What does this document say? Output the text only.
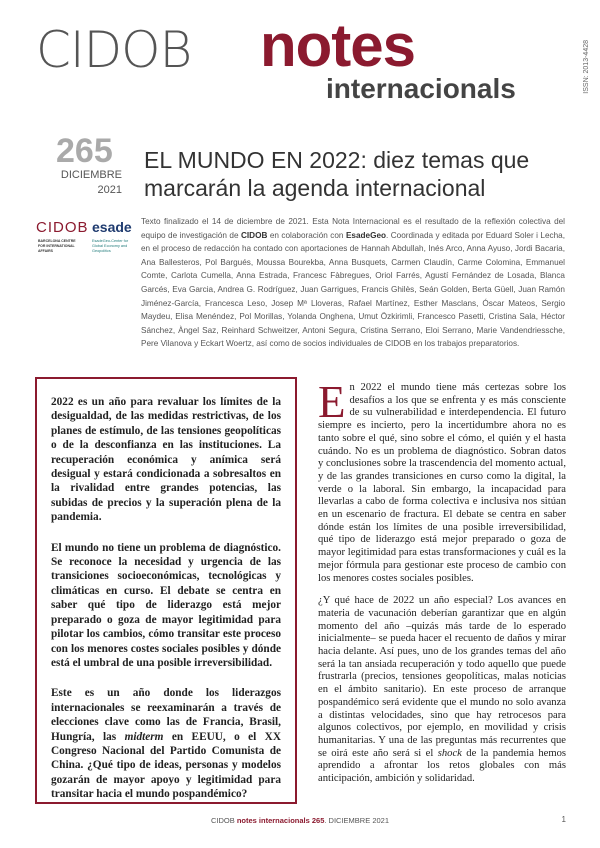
CIDOB notes
internacionals	ISSN: 2013-4428
265
DICIEMBRE
2021
EL MUNDO EN 2022: diez temas que marcarán la agenda internacional
CIDOB
BARCELONA CENTRE FOR INTERNATIONAL AFFAIRS
esade
EsadeGeo-Center for Global Economy and Geopolitics
Texto finalizado el 14 de diciembre de 2021. Esta Nota Internacional es el resultado de la reflexión colectiva del equipo de investigación de CIDOB en colaboración con EsadeGeo. Coordinada y editada por Eduard Soler i Lecha, en el proceso de redacción ha contado con aportaciones de Hannah Abdullah, Inés Arco, Anna Ayuso, Jordi Bacaria, Ana Ballesteros, Pol Bargués, Moussa Bourekba, Anna Busquets, Carmen Claudín, Carme Colomina, Emmanuel Comte, Carlota Cumella, Anna Estrada, Francesc Fàbregues, Oriol Farrés, Agustí Fernández de Losada, Blanca Garcés, Eva Garcia, Andrea G. Rodríguez, Juan Garrigues, Francis Ghilès, Seán Golden, Berta Güell, Juan Ramón Jiménez-García, Francesca Leso, Josep Mª Lloveras, Rafael Martínez, Esther Masclans, Óscar Mateos, Sergio Maydeu, Elisa Menéndez, Pol Morillas, Yolanda Onghena, Umut Özkirimli, Francesco Pasetti, Cristina Sala, Héctor Sánchez, Àngel Saz, Reinhard Schweitzer, Antoni Segura, Cristina Serrano, Eloi Serrano, Marie Vandendriessche, Pere Vilanova y Eckart Woertz, así como de socios individuales de CIDOB en los trabajos preparatorios.

2022 es un año para revaluar los límites de la desigualdad, de las medidas restrictivas, de los planes de estímulo, de las tensiones geopolíticas o de la desconfianza en las instituciones. La recuperación económica y anímica será desigual y estará condicionada a sobresaltos en la rivalidad entre grandes potencias, las subidas de precios y la superación plena de la pandemia.

El mundo no tiene un problema de diagnóstico. Se reconoce la necesidad y urgencia de las transiciones socioeconómicas, tecnológicas y climáticas en curso. El debate se centra en saber qué tipo de liderazgo está mejor preparado o goza de mayor legitimidad para pilotar los cambios, cómo transitar este proceso con los menores costes sociales posibles y dónde está el umbral de una posible irreversibilidad.

Este es un año donde los liderazgos internacionales se reexaminarán a través de elecciones clave como las de Francia, Brasil, Hungría, las midterm en EEUU, o el XX Congreso Nacional del Partido Comunista de China. ¿Qué tipo de ideas, personas y modelos gozarán de mayor apoyo y legitimidad para transitar hacia el mundo pospandémico?

En 2022 el mundo tiene más certezas sobre los desafíos a los que se enfrenta y es más consciente de su vulnerabilidad e interdependencia. El futuro siempre es incierto, pero la incertidumbre ahora no es tanto sobre el qué, sino sobre el cómo, el quién y el hasta cuándo. No es un problema de diagnóstico. Sobran datos y conclusiones sobre la trascendencia del momento actual, y de las grandes transiciones en curso como la digital, la verde o la laboral. Sin embargo, la incapacidad para llevarlas a cabo de forma colectiva e inclusiva nos sitúan en un escenario de fractura. El debate se centra en saber dónde están los límites de una posible irreversibilidad, qué tipo de liderazgo está mejor preparado o goza de mayor legitimidad para estas transformaciones y cuál es la mejor fórmula para gestionar este proceso de cambio con los menores costes sociales posibles.

¿Y qué hace de 2022 un año especial? Los avances en materia de vacunación deberían garantizar que en algún momento del año –quizás más tarde de lo esperado inicialmente– se pueda hacer el recuento de daños y mirar hacia delante. Así pues, uno de los grandes temas del año será la tan ansiada recuperación y todo aquello que puede frustrarla (precios, tensiones geopolíticas, malas noticias en el ámbito sanitario). En este proceso de arranque pospandémico será evidente que el mundo no solo avanza a distintas velocidades, sino que hay retrocesos para algunos colectivos, por ejemplo, en movilidad y crisis humanitarias. Y una de las preguntas más recurrentes que se oirá este año será si el shock de la pandemia hemos aprendido a afrontar los retos globales con más anticipación, ambición y solidaridad.

CIDOB notes internacionals 265. DICIEMBRE 2021	1
